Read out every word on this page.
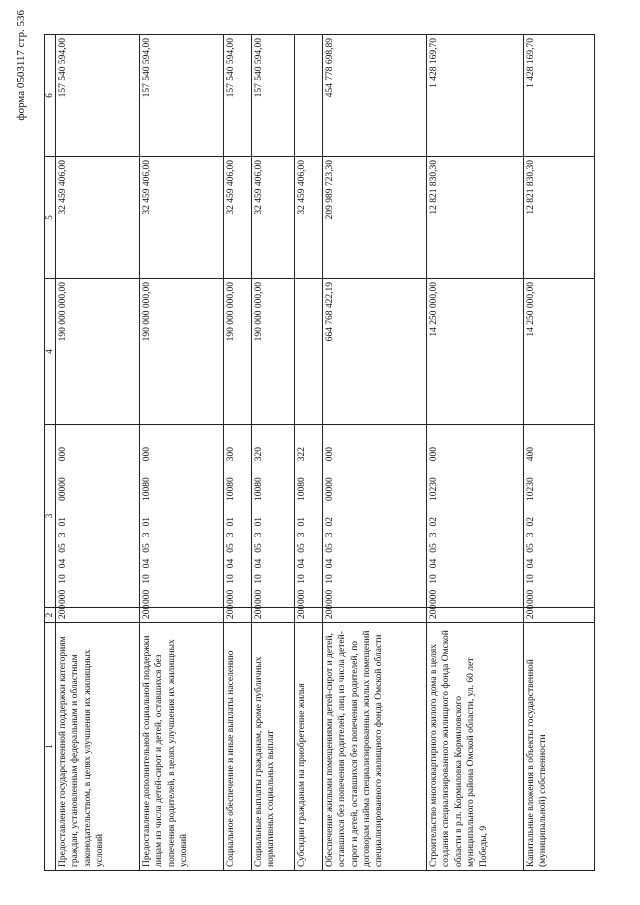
форма 0503117 стр. 536
1	2	3	4	5	6
Предоставление государственной поддержки категориям граждан, установленным федеральным и областным законодательством, в целях улучшения их жилищных условий	200	00010040530100000000	190 000 000,00	32 459 406,00	157 540 594,00
Предоставление дополнительной социальной поддержки лицам из числа детей-сирот и детей, оставшихся без попечения родителей, в целях улучшения их жилищных условий	200	00010040530110080000	190 000 000,00	32 459 406,00	157 540 594,00
Социальное обеспечение и иные выплаты населению	200	00010040530110080300	190 000 000,00	32 459 406,00	157 540 594,00
Социальные выплаты гражданам, кроме публичных нормативных социальных выплат	200	00010040530110080320	190 000 000,00	32 459 406,00	157 540 594,00
Субсидии гражданам на приобретение жилья	200	00010040530110080322		32 459 406,00	
Обеспечение жилыми помещениями детей-сирот и детей, оставшихся без попечения родителей, лиц из числа детей-сирот и детей, оставшихся без попечения родителей, по договорам найма специализированных жилых помещений специализированного жилищного фонда Омской области	200	00010040530200000000	664 768 422,19	209 989 723,30	454 778 698,89
Строительство многоквартирного жилого дома в целях создания специализированного жилищного фонда Омской области в р.п. Кормиловка Кормиловского муниципального района Омской области, ул. 60 лет Победы, 9	200	00010040530210230000	14 250 000,00	12 821 830,30	1 428 169,70
Капитальные вложения в объекты государственной (муниципальной) собственности	200	00010040530210230400	14 250 000,00	12 821 830,30	1 428 169,70
